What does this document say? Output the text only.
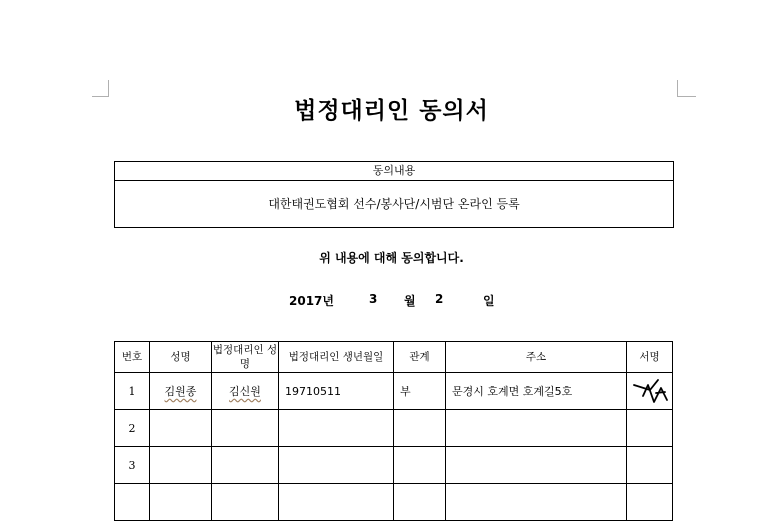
법정대리인 동의서
동의내용
대한태권도협회 선수/봉사단/시범단 온라인 등록
위 내용에 대해 동의합니다.
2017년	3 월 2	일
번호	성명	법정대리인 성명	법정대리인 생년월일	관계	주소	서명
1	김원종	김신원	19710511	부	문경시 호계면 호계길5호	

2						
3						
